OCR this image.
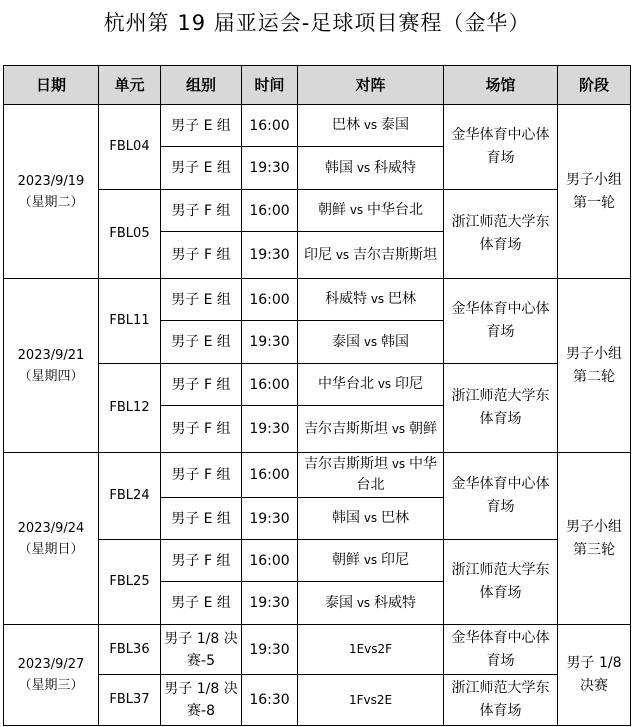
杭州第 19 届亚运会-足球项目赛程（金华）
日期	单元	组别	时间	对阵	场馆	阶段

2023/9/19
（星期二）	FBL04	男子 E 组	16:00	巴林 vs 泰国	金华体育中心体育场	男子小组第一轮
		男子 E 组	19:30	韩国 vs 科威特		
	FBL05	男子 F 组	16:00	朝鲜 vs 中华台北	浙江师范大学东体育场	
		男子 F 组	19:30	印尼 vs 吉尔吉斯斯坦		

2023/9/21
（星期四）	FBL11	男子 E 组	16:00	科威特 vs 巴林	金华体育中心体育场	男子小组第二轮
		男子 E 组	19:30	泰国 vs 韩国		
	FBL12	男子 F 组	16:00	中华台北 vs 印尼	浙江师范大学东体育场	
		男子 F 组	19:30	吉尔吉斯斯坦 vs 朝鲜		

2023/9/24
（星期日）	FBL24	男子 F 组	16:00	吉尔吉斯斯坦 vs 中华台北	金华体育中心体育场	男子小组第三轮
		男子 E 组	19:30	韩国 vs 巴林		
	FBL25	男子 F 组	16:00	朝鲜 vs 印尼	浙江师范大学东体育场	
		男子 E 组	19:30	泰国 vs 科威特		

2023/9/27
（星期三）	FBL36	男子 1/8 决赛-5	19:30	1Evs2F	金华体育中心体育场	男子 1/8 决赛
	FBL37	男子 1/8 决赛-8	16:30	1Fvs2E	浙江师范大学东体育场	
